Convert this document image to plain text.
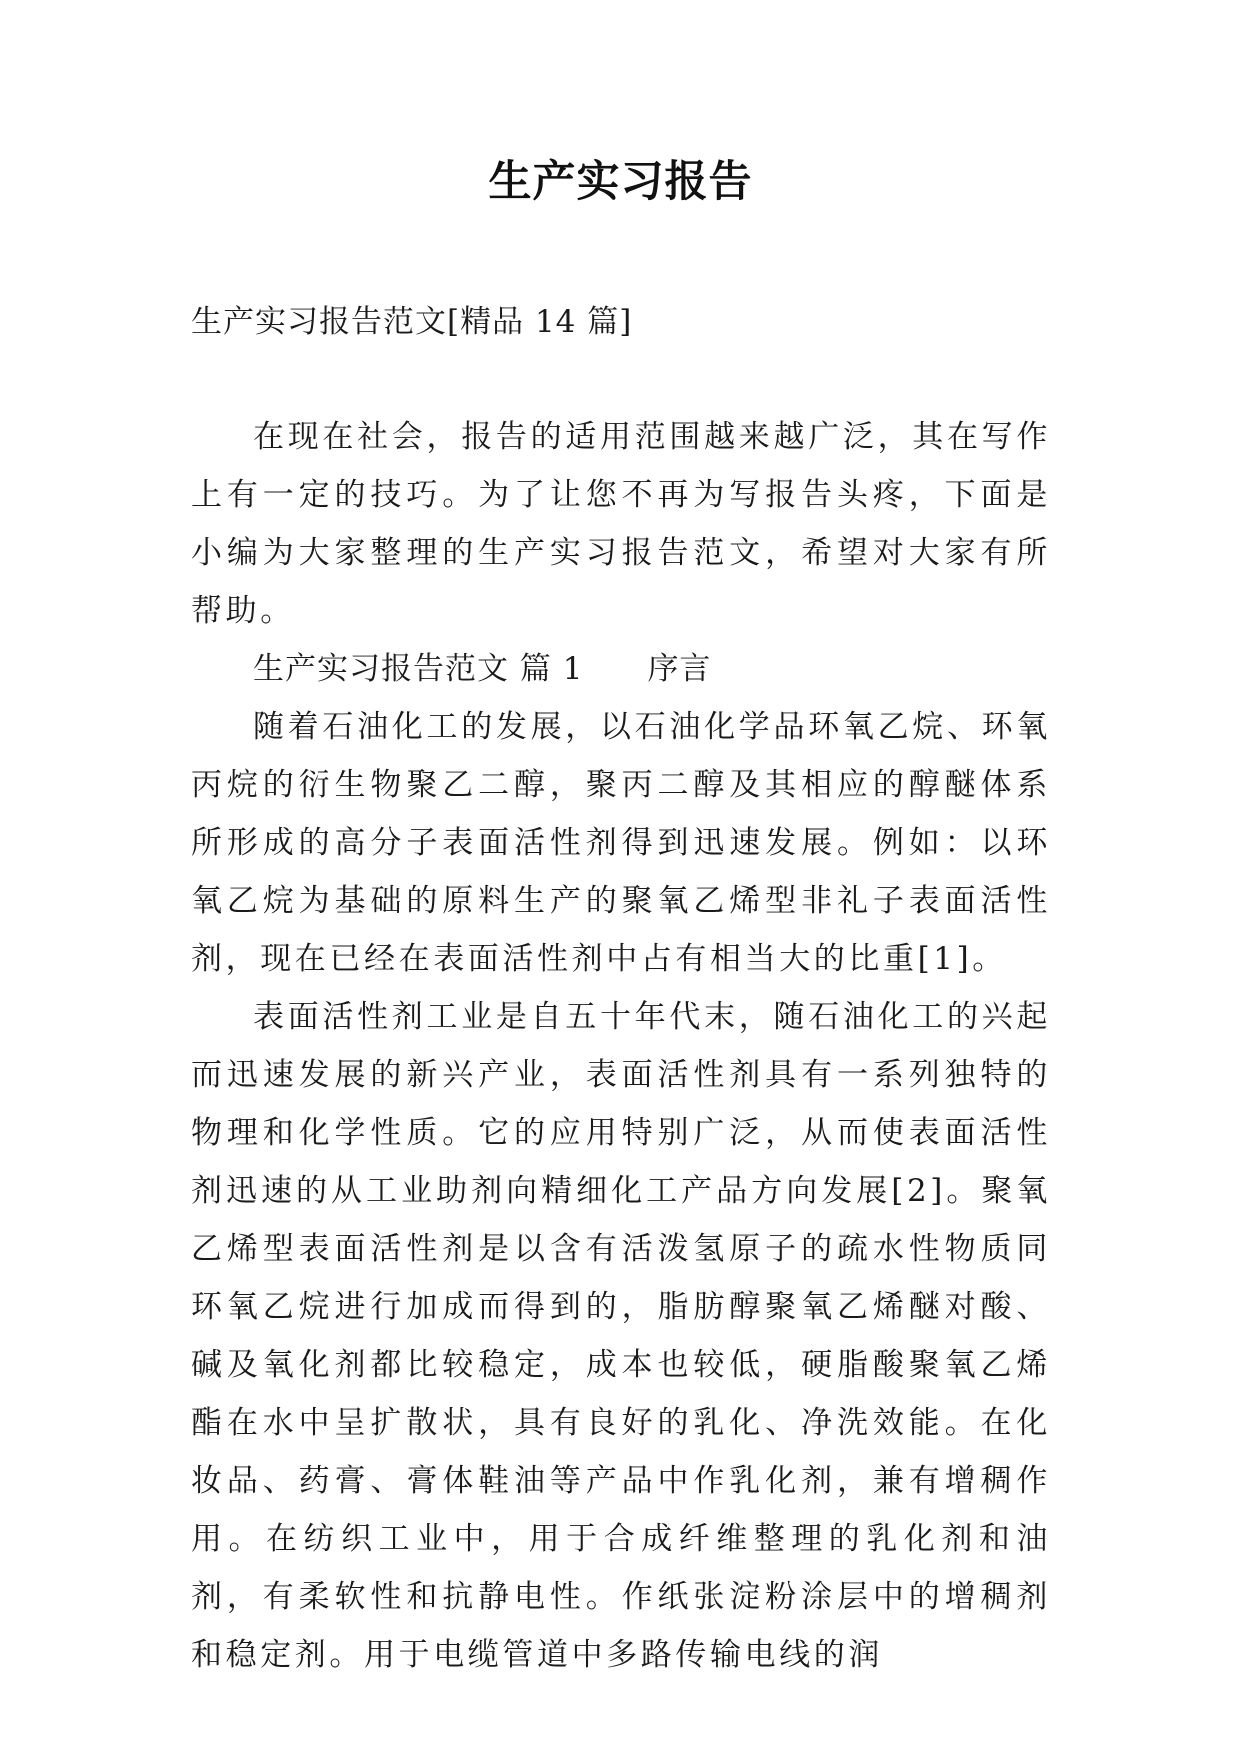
生产实习报告
生产实习报告范文[精品 14 篇]

在现在社会，报告的适用范围越来越广泛，其在写作上有一定的技巧。为了让您不再为写报告头疼，下面是小编为大家整理的生产实习报告范文，希望对大家有所帮助。

生产实习报告范文 篇 1 序言

随着石油化工的发展，以石油化学品环氧乙烷、环氧丙烷的衍生物聚乙二醇，聚丙二醇及其相应的醇醚体系所形成的高分子表面活性剂得到迅速发展。例如：以环氧乙烷为基础的原料生产的聚氧乙烯型非礼子表面活性剂，现在已经在表面活性剂中占有相当大的比重[1]。

表面活性剂工业是自五十年代末，随石油化工的兴起而迅速发展的新兴产业，表面活性剂具有一系列独特的物理和化学性质。它的应用特别广泛，从而使表面活性剂迅速的从工业助剂向精细化工产品方向发展[2]。聚氧乙烯型表面活性剂是以含有活泼氢原子的疏水性物质同环氧乙烷进行加成而得到的，脂肪醇聚氧乙烯醚对酸、碱及氧化剂都比较稳定，成本也较低，硬脂酸聚氧乙烯酯在水中呈扩散状，具有良好的乳化、净洗效能。在化妆品、药膏、膏体鞋油等产品中作乳化剂，兼有增稠作用。在纺织工业中，用于合成纤维整理的乳化剂和油剂，有柔软性和抗静电性。作纸张淀粉涂层中的增稠剂和稳定剂。用于电缆管道中多路传输电线的润
